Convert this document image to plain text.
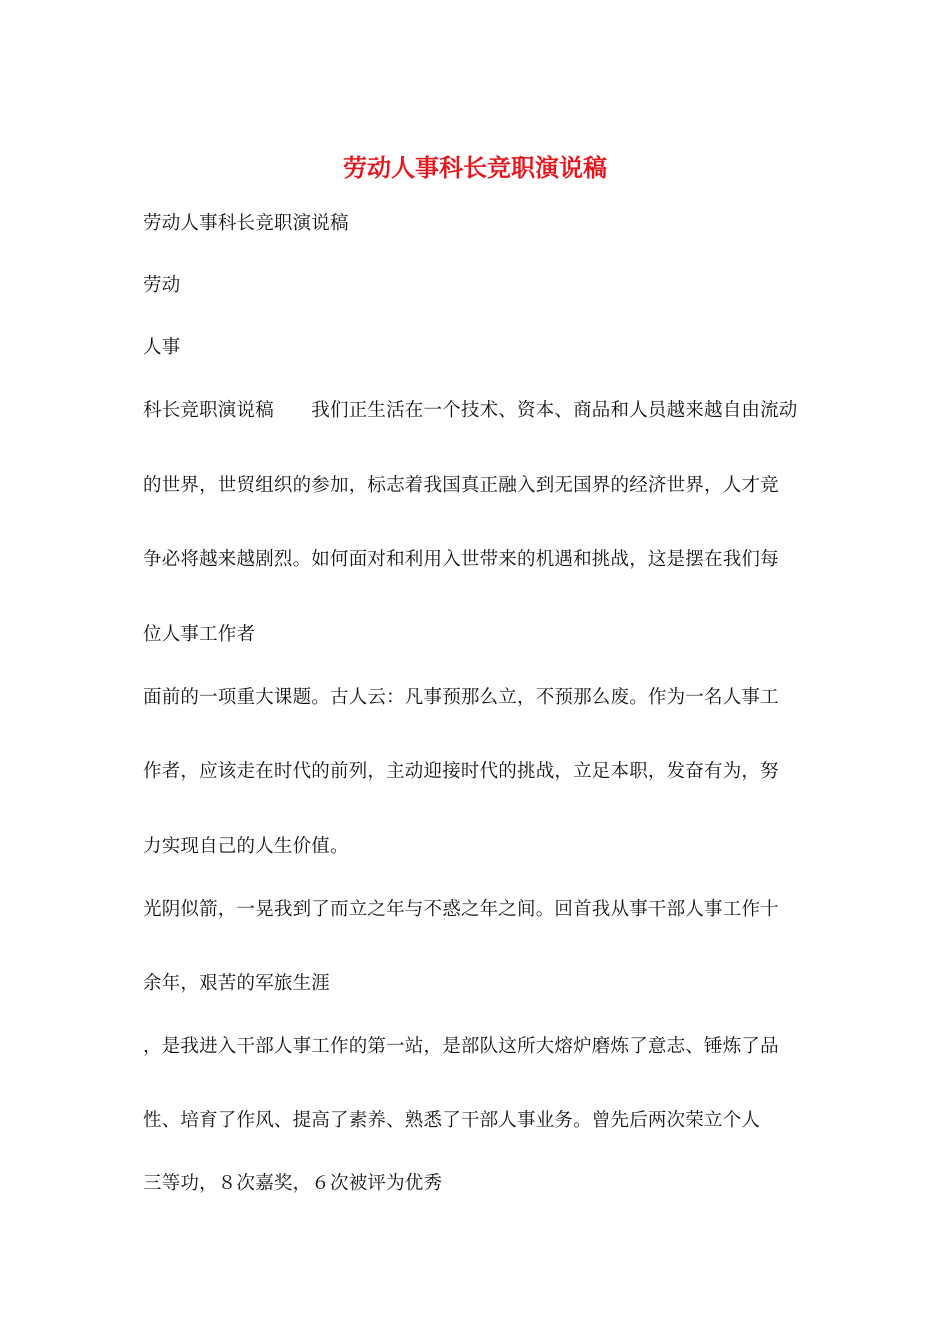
劳动人事科长竞职演说稿
劳动人事科长竞职演说稿
劳动
人事
科长竞职演说稿　　我们正生活在一个技术、资本、商品和人员越来越自由流动
的世界，世贸组织的参加，标志着我国真正融入到无国界的经济世界，人才竞
争必将越来越剧烈。如何面对和利用入世带来的机遇和挑战，这是摆在我们每
位人事工作者
面前的一项重大课题。古人云：凡事预那么立，不预那么废。作为一名人事工
作者，应该走在时代的前列，主动迎接时代的挑战，立足本职，发奋有为，努
力实现自己的人生价值。
光阴似箭，一晃我到了而立之年与不惑之年之间。回首我从事干部人事工作十
余年，艰苦的军旅生涯
，是我进入干部人事工作的第一站，是部队这所大熔炉磨炼了意志、锤炼了品
性、培育了作风、提高了素养、熟悉了干部人事业务。曾先后两次荣立个人
三等功，８次嘉奖，６次被评为优秀
